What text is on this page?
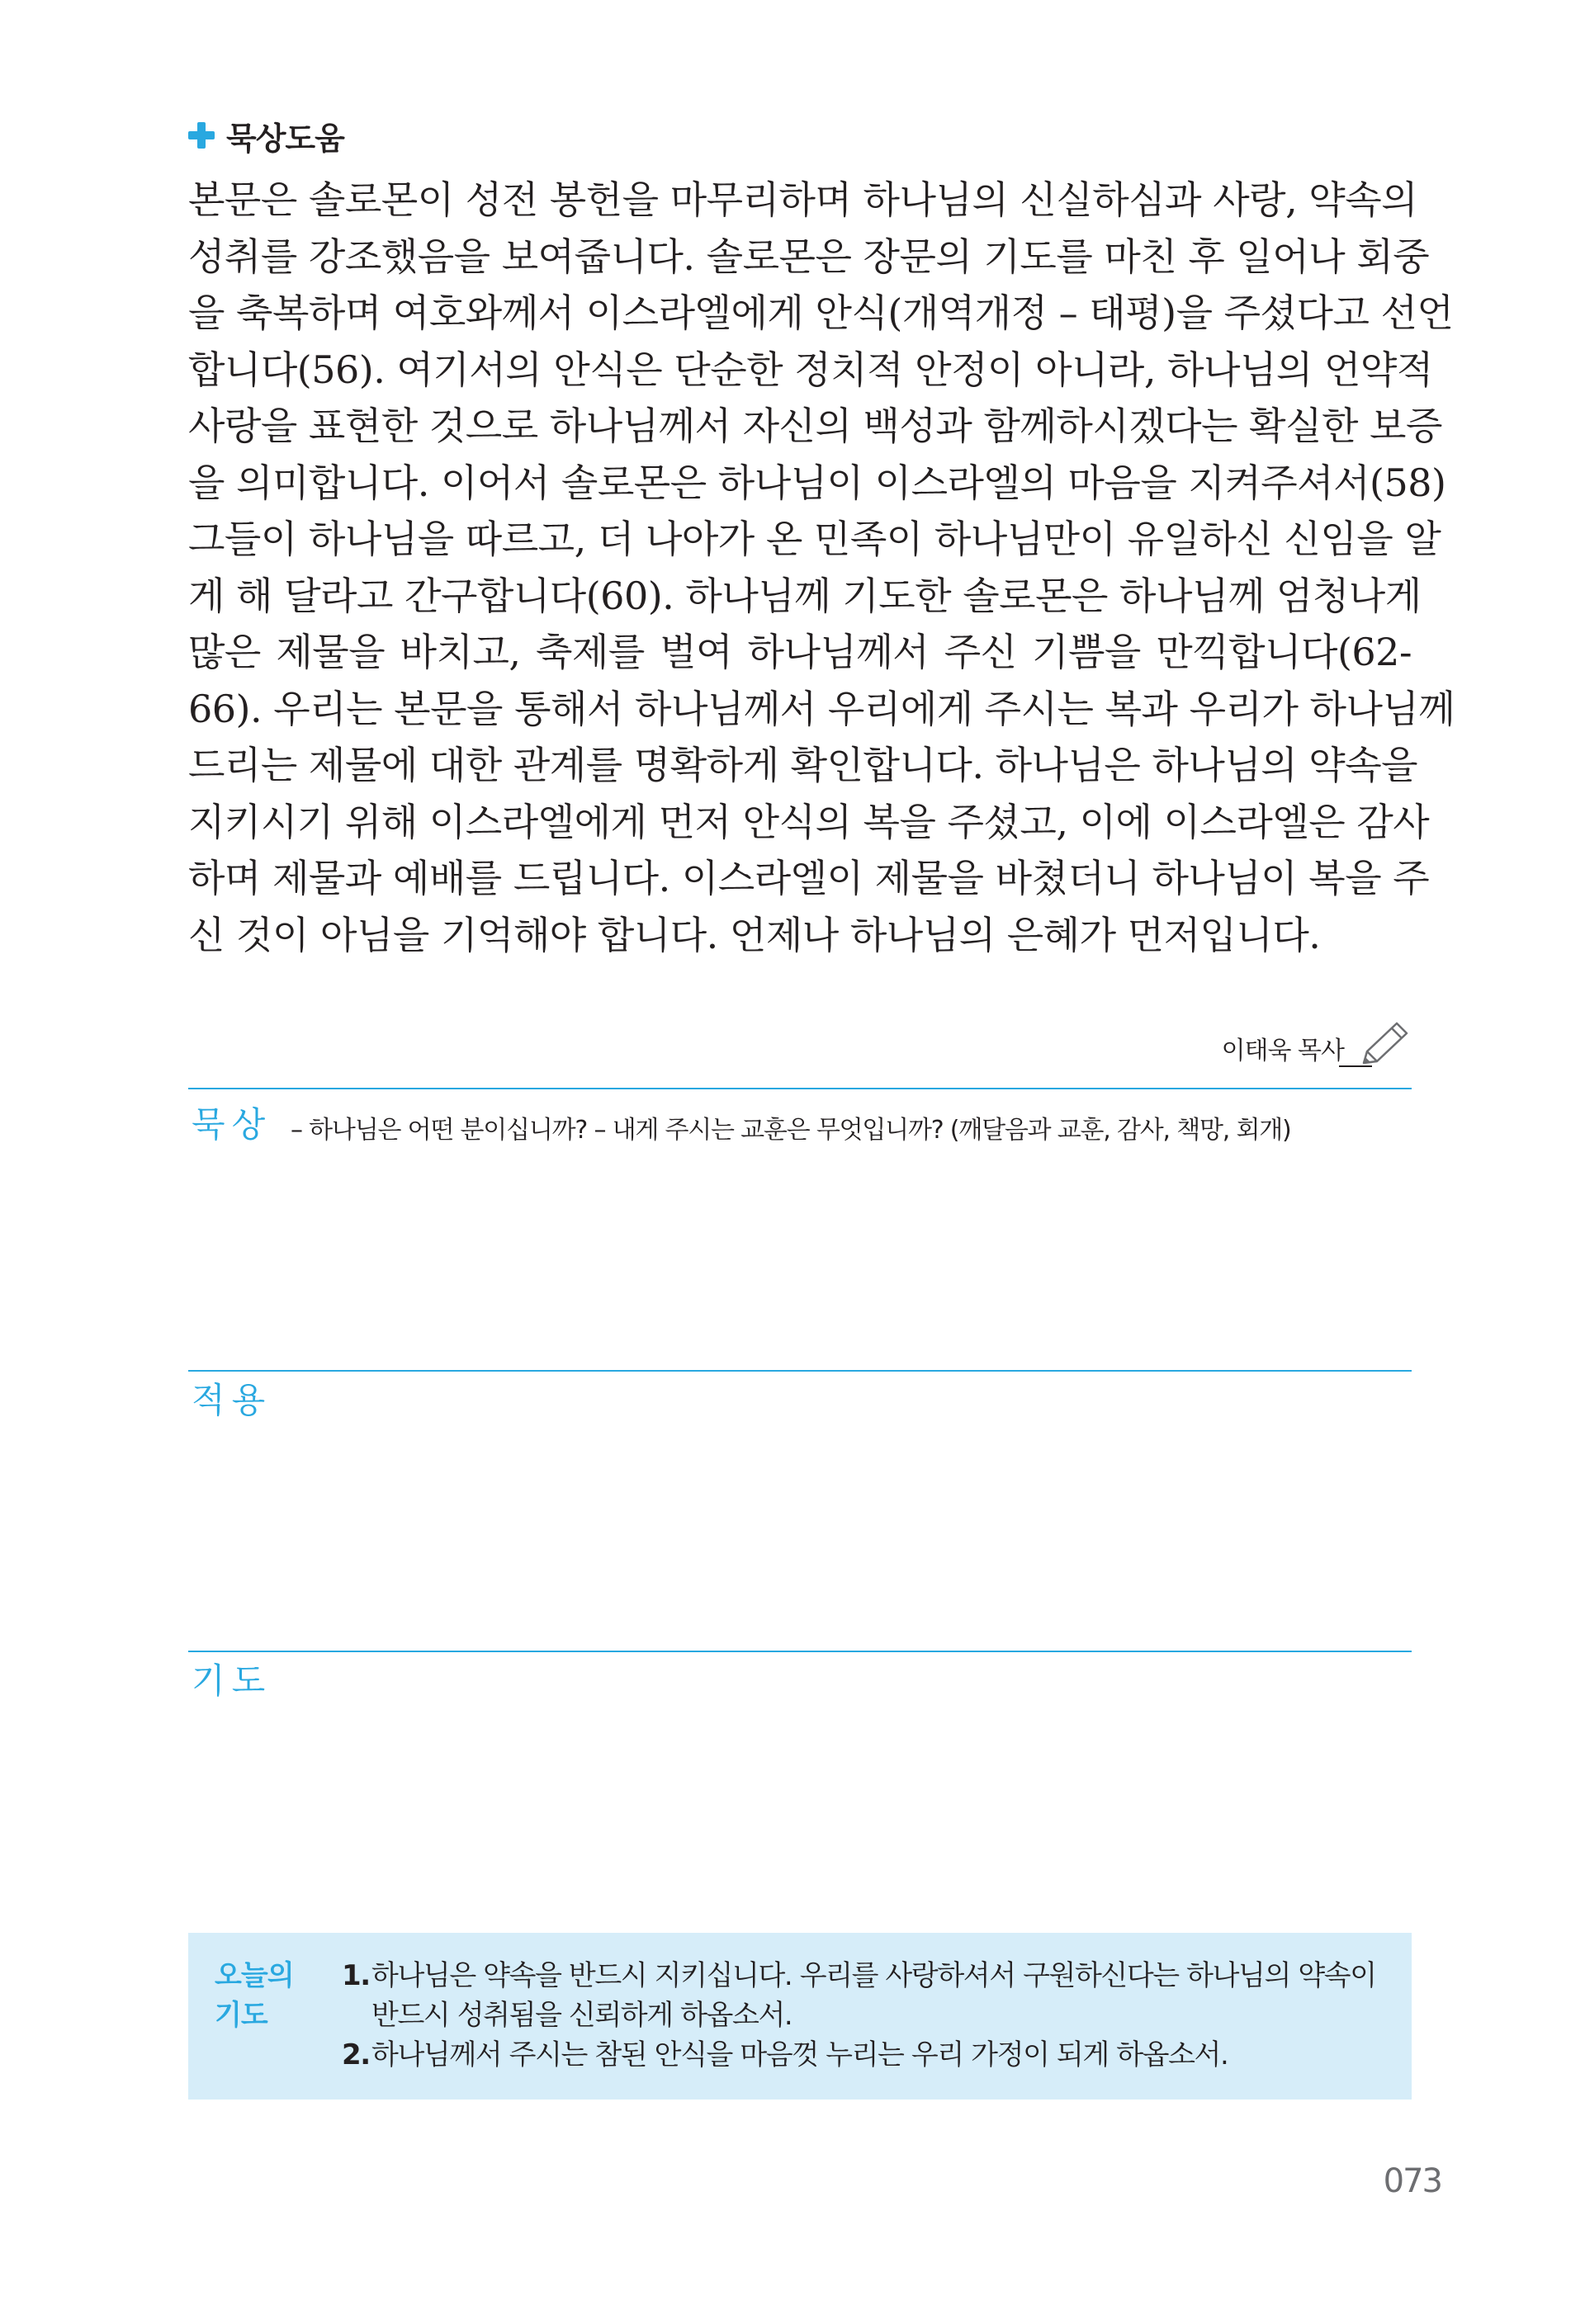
묵상도움
본문은 솔로몬이 성전 봉헌을 마무리하며 하나님의 신실하심과 사랑, 약속의
성취를 강조했음을 보여줍니다. 솔로몬은 장문의 기도를 마친 후 일어나 회중
을 축복하며 여호와께서 이스라엘에게 안식(개역개정 – 태평)을 주셨다고 선언
합니다(56). 여기서의 안식은 단순한 정치적 안정이 아니라, 하나님의 언약적
사랑을 표현한 것으로 하나님께서 자신의 백성과 함께하시겠다는 확실한 보증
을 의미합니다. 이어서 솔로몬은 하나님이 이스라엘의 마음을 지켜주셔서(58)
그들이 하나님을 따르고, 더 나아가 온 민족이 하나님만이 유일하신 신임을 알
게 해 달라고 간구합니다(60). 하나님께 기도한 솔로몬은 하나님께 엄청나게
많은 제물을 바치고, 축제를 벌여 하나님께서 주신 기쁨을 만끽합니다(62-
66). 우리는 본문을 통해서 하나님께서 우리에게 주시는 복과 우리가 하나님께
드리는 제물에 대한 관계를 명확하게 확인합니다. 하나님은 하나님의 약속을
지키시기 위해 이스라엘에게 먼저 안식의 복을 주셨고, 이에 이스라엘은 감사
하며 제물과 예배를 드립니다. 이스라엘이 제물을 바쳤더니 하나님이 복을 주
신 것이 아님을 기억해야 합니다. 언제나 하나님의 은혜가 먼저입니다.
이태욱 목사
묵상 – 하나님은 어떤 분이십니까? – 내게 주시는 교훈은 무엇입니까? (깨달음과 교훈, 감사, 책망, 회개)
적용
기도
오늘의
기도
1. 하나님은 약속을 반드시 지키십니다. 우리를 사랑하셔서 구원하신다는 하나님의 약속이
반드시 성취됨을 신뢰하게 하옵소서.
2. 하나님께서 주시는 참된 안식을 마음껏 누리는 우리 가정이 되게 하옵소서.
073
